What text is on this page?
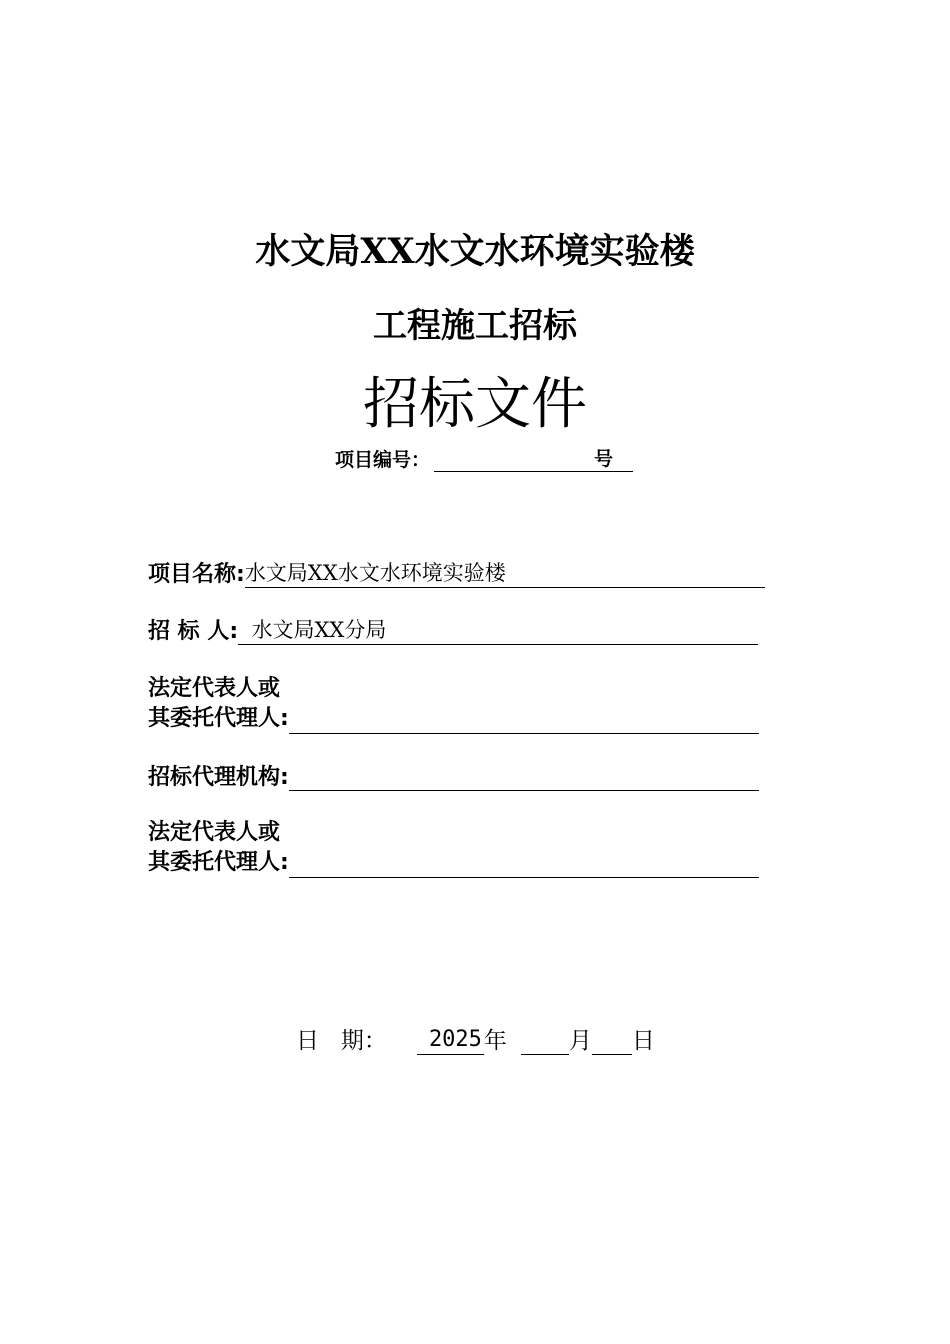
水文局XX水文水环境实验楼
工程施工招标
招标文件
项目编号：	号
项目名称: 水文局XX水文水环境实验楼
招 标 人: 水文局XX分局
法定代表人或
其委托代理人:
招标代理机构:
法定代表人或
其委托代理人:
日   期：	2025 年	月 日
